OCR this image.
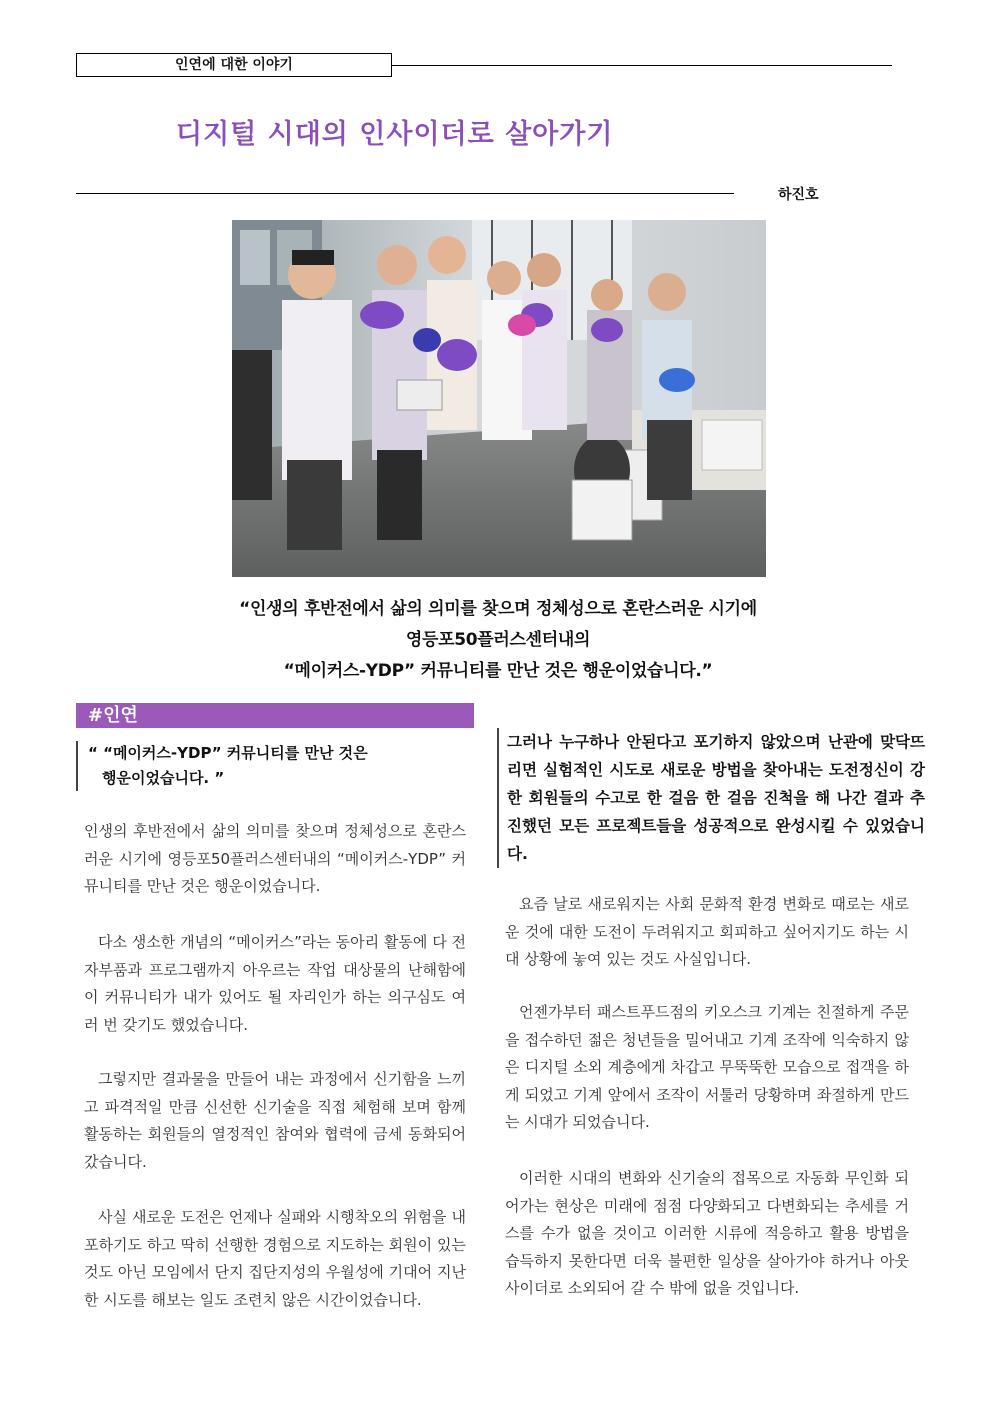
인연에 대한 이야기
디지털 시대의 인사이더로 살아가기
하진호
“인생의 후반전에서 삶의 의미를 찾으며 정체성으로 혼란스러운 시기에
영등포50플러스센터내의
“메이커스-YDP” 커뮤니티를 만난 것은 행운이었습니다.”
#인연
“ “메이커스-YDP” 커뮤니티를 만난 것은
행운이었습니다. ”
인생의 후반전에서 삶의 의미를 찾으며 정체성으로 혼란스러운 시기에 영등포50플러스센터내의 “메이커스-YDP” 커뮤니티를 만난 것은 행운이었습니다.
다소 생소한 개념의 “메이커스”라는 동아리 활동에 다 전자부품과 프로그램까지 아우르는 작업 대상물의 난해함에 이 커뮤니티가 내가 있어도 될 자리인가 하는 의구심도 여러 번 갖기도 했었습니다.
그렇지만 결과물을 만들어 내는 과정에서 신기함을 느끼고 파격적일 만큼 신선한 신기술을 직접 체험해 보며 함께 활동하는 회원들의 열정적인 참여와 협력에 금세 동화되어 갔습니다.
사실 새로운 도전은 언제나 실패와 시행착오의 위험을 내포하기도 하고 딱히 선행한 경험으로 지도하는 회원이 있는 것도 아닌 모임에서 단지 집단지성의 우월성에 기대어 지난한 시도를 해보는 일도 조련치 않은 시간이었습니다.
그러나 누구하나 안된다고 포기하지 않았으며 난관에 맞닥뜨리면 실험적인 시도로 새로운 방법을 찾아내는 도전정신이 강한 회원들의 수고로 한 걸음 한 걸음 진척을 해 나간 결과 추진했던 모든 프로젝트들을 성공적으로 완성시킬 수 있었습니다.
요즘 날로 새로워지는 사회 문화적 환경 변화로 때로는 새로운 것에 대한 도전이 두려워지고 회피하고 싶어지기도 하는 시대 상황에 놓여 있는 것도 사실입니다.
언젠가부터 패스트푸드점의 키오스크 기계는 친절하게 주문을 접수하던 젊은 청년들을 밀어내고 기계 조작에 익숙하지 않은 디지털 소외 계층에게 차갑고 무뚝뚝한 모습으로 접객을 하게 되었고 기계 앞에서 조작이 서툴러 당황하며 좌절하게 만드는 시대가 되었습니다.
이러한 시대의 변화와 신기술의 접목으로 자동화 무인화 되어가는 현상은 미래에 점점 다양화되고 다변화되는 추세를 거스를 수가 없을 것이고 이러한 시류에 적응하고 활용 방법을 습득하지 못한다면 더욱 불편한 일상을 살아가야 하거나 아웃사이더로 소외되어 갈 수 밖에 없을 것입니다.
